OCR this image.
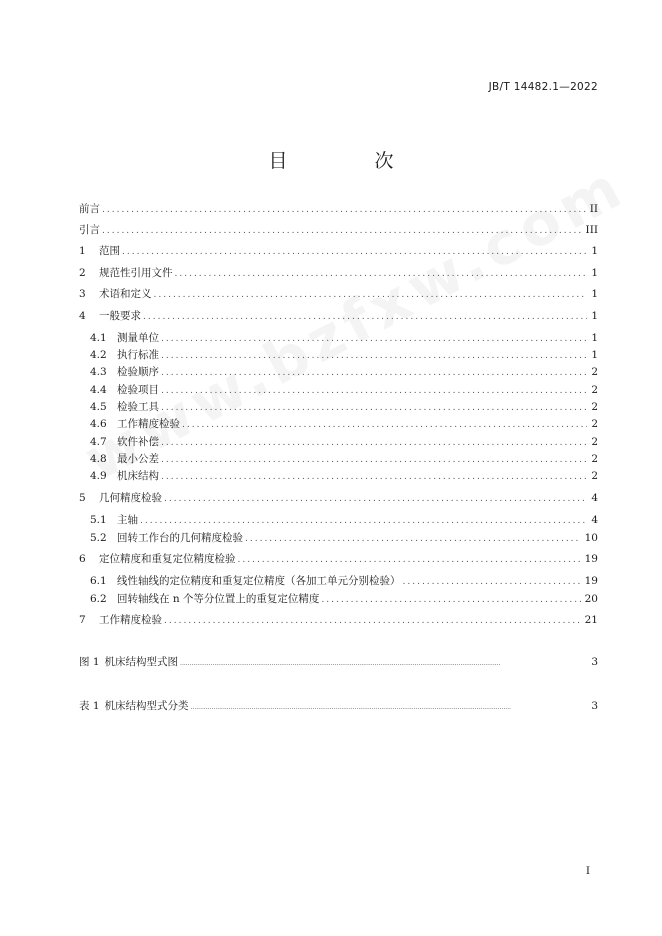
JB/T 14482.1—2022
目　次
前言 .....	II
引言 .....	III
1	范围 .....	1
2	规范性引用文件 .....	1
3	术语和定义 .....	1
4	一般要求 .....	1
4.1 测量单位 .....	1
4.2 执行标准 .....	1
4.3 检验顺序 .....	2
4.4 检验项目 .....	2
4.5 检验工具 .....	2
4.6 工作精度检验 .....	2
4.7 软件补偿 .....	2
4.8 最小公差 .....	2
4.9 机床结构 .....	2
5	几何精度检验 .....	4
5.1 主轴 .....	4
5.2 回转工作台的几何精度检验 .....	10
6	定位精度和重复定位精度检验 .....	19
6.1 线性轴线的定位精度和重复定位精度（各加工单元分别检验） .....	19
6.2 回转轴线在 n 个等分位置上的重复定位精度 .....	20
7	工作精度检验 .....	21
图 1 机床结构型式图 .....	3
表 1 机床结构型式分类 .....	3
I
